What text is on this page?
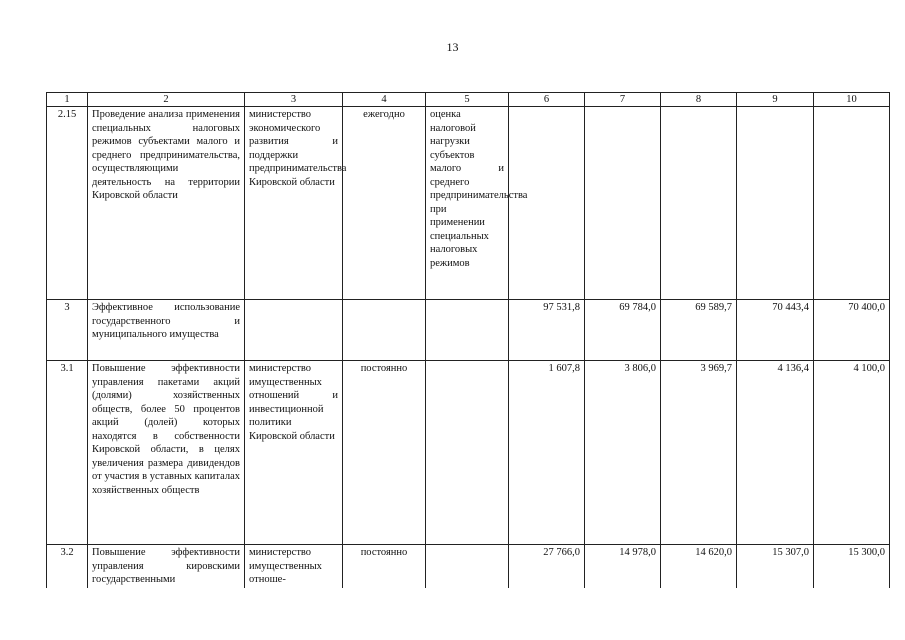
13
1	2	3	4	5	6	7	8	9	10
2.15	Проведение анализа применения специальных налоговых режимов субъектами малого и среднего предпринимательства, осуществляющими деятельность на территории Кировской области	министерство экономического развития и поддержки предпринимательства Кировской области	ежегодно	оценка налоговой нагрузки субъектов малого и среднего предпринимательства при применении специальных налоговых режимов					
3	Эффективное использование государственного и муниципального имущества				97 531,8	69 784,0	69 589,7	70 443,4	70 400,0
3.1	Повышение эффективности управления пакетами акций (долями) хозяйственных обществ, более 50 процентов акций (долей) которых находятся в собственности Кировской области, в целях увеличения размера дивидендов от участия в уставных капиталах хозяйственных обществ	министерство имущественных отношений и инвестиционной политики Кировской области	постоянно		1 607,8	3 806,0	3 969,7	4 136,4	4 100,0
3.2	Повышение эффективности управления кировскими государственными	министерство имущественных отноше-	постоянно		27 766,0	14 978,0	14 620,0	15 307,0	15 300,0
